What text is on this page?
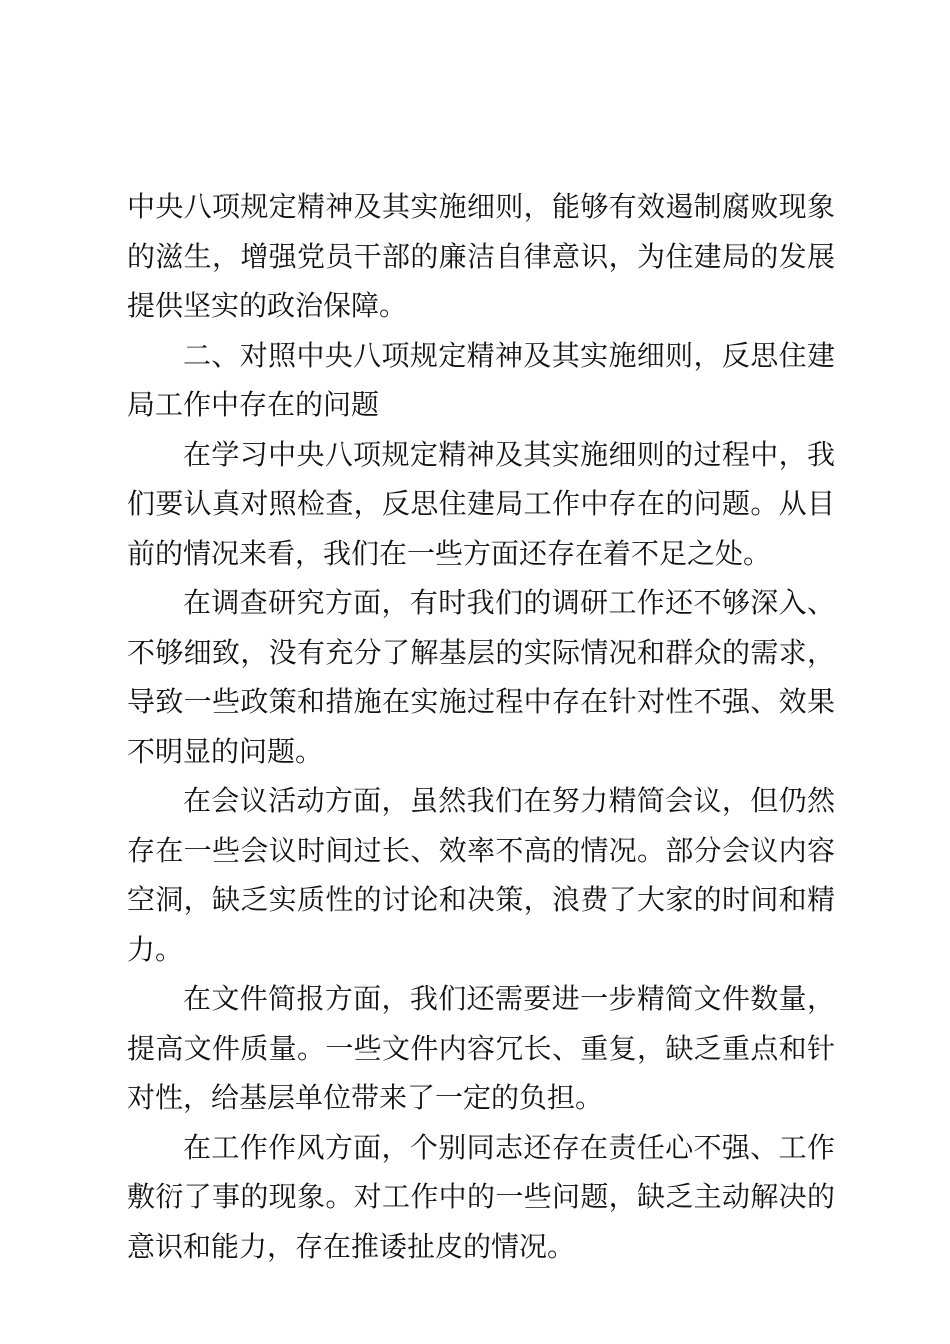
中央八项规定精神及其实施细则，能够有效遏制腐败现象的滋生，增强党员干部的廉洁自律意识，为住建局的发展提供坚实的政治保障。

二、对照中央八项规定精神及其实施细则，反思住建局工作中存在的问题

在学习中央八项规定精神及其实施细则的过程中，我们要认真对照检查，反思住建局工作中存在的问题。从目前的情况来看，我们在一些方面还存在着不足之处。

在调查研究方面，有时我们的调研工作还不够深入、不够细致，没有充分了解基层的实际情况和群众的需求，导致一些政策和措施在实施过程中存在针对性不强、效果不明显的问题。

在会议活动方面，虽然我们在努力精简会议，但仍然存在一些会议时间过长、效率不高的情况。部分会议内容空洞，缺乏实质性的讨论和决策，浪费了大家的时间和精力。

在文件简报方面，我们还需要进一步精简文件数量，提高文件质量。一些文件内容冗长、重复，缺乏重点和针对性，给基层单位带来了一定的负担。

在工作作风方面，个别同志还存在责任心不强、工作敷衍了事的现象。对工作中的一些问题，缺乏主动解决的意识和能力，存在推诿扯皮的情况。
